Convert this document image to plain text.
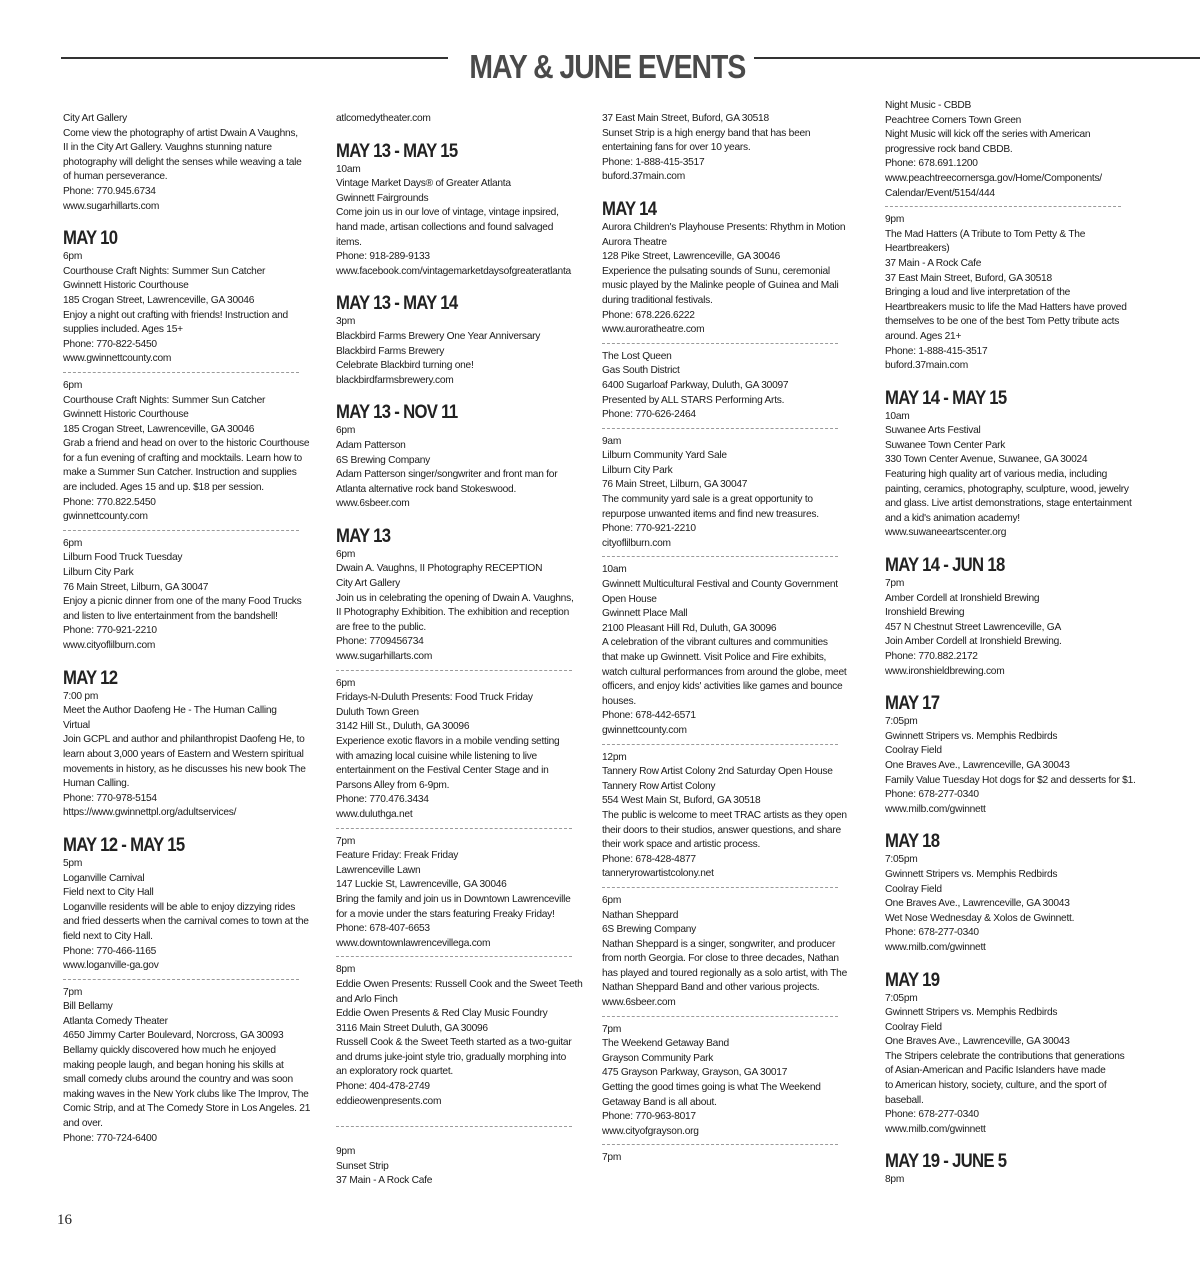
MAY & JUNE EVENTS
City Art Gallery
Come view the photography of artist Dwain A Vaughns,
II in the City Art Gallery. Vaughns stunning nature
photography will delight the senses while weaving a tale
of human perseverance.
Phone: 770.945.6734
www.sugarhillarts.com
MAY 10
6pm
Courthouse Craft Nights: Summer Sun Catcher
Gwinnett Historic Courthouse
185 Crogan Street, Lawrenceville, GA 30046
Enjoy a night out crafting with friends! Instruction and
supplies included. Ages 15+
Phone: 770-822-5450
www.gwinnettcounty.com
6pm
Courthouse Craft Nights: Summer Sun Catcher
Gwinnett Historic Courthouse
185 Crogan Street, Lawrenceville, GA 30046
Grab a friend and head on over to the historic Courthouse
for a fun evening of crafting and mocktails. Learn how to
make a Summer Sun Catcher. Instruction and supplies
are included. Ages 15 and up. $18 per session.
Phone: 770.822.5450
gwinnettcounty.com
6pm
Lilburn Food Truck Tuesday
Lilburn City Park
76 Main Street, Lilburn, GA 30047
Enjoy a picnic dinner from one of the many Food Trucks
and listen to live entertainment from the bandshell!
Phone: 770-921-2210
www.cityoflilburn.com
MAY 12
7:00 pm
Meet the Author Daofeng He - The Human Calling
Virtual
Join GCPL and author and philanthropist Daofeng He, to
learn about 3,000 years of Eastern and Western spiritual
movements in history, as he discusses his new book The
Human Calling.
Phone: 770-978-5154
https://www.gwinnettpl.org/adultservices/
MAY 12 - MAY 15
5pm
Loganville Carnival
Field next to City Hall
Loganville residents will be able to enjoy dizzying rides
and fried desserts when the carnival comes to town at the
field next to City Hall.
Phone: 770-466-1165
www.loganville-ga.gov
7pm
Bill Bellamy
Atlanta Comedy Theater
4650 Jimmy Carter Boulevard, Norcross, GA 30093
Bellamy quickly discovered how much he enjoyed
making people laugh, and began honing his skills at
small comedy clubs around the country and was soon
making waves in the New York clubs like The Improv, The
Comic Strip, and at The Comedy Store in Los Angeles. 21
and over.
Phone: 770-724-6400
atlcomedytheater.com
MAY 13 - MAY 15
10am
Vintage Market Days® of Greater Atlanta
Gwinnett Fairgrounds
Come join us in our love of vintage, vintage inpsired,
hand made, artisan collections and found salvaged
items.
Phone: 918-289-9133
www.facebook.com/vintagemarketdaysofgreateratlanta
MAY 13 - MAY 14
3pm
Blackbird Farms Brewery One Year Anniversary
Blackbird Farms Brewery
Celebrate Blackbird turning one!
blackbirdfarmsbrewery.com
MAY 13 - NOV 11
6pm
Adam Patterson
6S Brewing Company
Adam Patterson singer/songwriter and front man for
Atlanta alternative rock band Stokeswood.
www.6sbeer.com
MAY 13
6pm
Dwain A. Vaughns, II Photography RECEPTION
City Art Gallery
Join us in celebrating the opening of Dwain A. Vaughns,
II Photography Exhibition. The exhibition and reception
are free to the public.
Phone: 7709456734
www.sugarhillarts.com
6pm
Fridays-N-Duluth Presents: Food Truck Friday
Duluth Town Green
3142 Hill St., Duluth, GA 30096
Experience exotic flavors in a mobile vending setting
with amazing local cuisine while listening to live
entertainment on the Festival Center Stage and in
Parsons Alley from 6-9pm.
Phone: 770.476.3434
www.duluthga.net
7pm
Feature Friday: Freak Friday
Lawrenceville Lawn
147 Luckie St, Lawrenceville, GA 30046
Bring the family and join us in Downtown Lawrenceville
for a movie under the stars featuring Freaky Friday!
Phone: 678-407-6653
www.downtownlawrencevillega.com
8pm
Eddie Owen Presents: Russell Cook and the Sweet Teeth
and Arlo Finch
Eddie Owen Presents & Red Clay Music Foundry
3116 Main Street Duluth, GA 30096
Russell Cook & the Sweet Teeth started as a two-guitar
and drums juke-joint style trio, gradually morphing into
an exploratory rock quartet.
Phone: 404-478-2749
eddieowenpresents.com
9pm
Sunset Strip
37 Main - A Rock Cafe
37 East Main Street, Buford, GA 30518
Sunset Strip is a high energy band that has been
entertaining fans for over 10 years.
Phone: 1-888-415-3517
buford.37main.com
MAY 14
Aurora Children's Playhouse Presents: Rhythm in Motion
Aurora Theatre
128 Pike Street, Lawrenceville, GA 30046
Experience the pulsating sounds of Sunu, ceremonial
music played by the Malinke people of Guinea and Mali
during traditional festivals.
Phone: 678.226.6222
www.auroratheatre.com
The Lost Queen
Gas South District
6400 Sugarloaf Parkway, Duluth, GA 30097
Presented by ALL STARS Performing Arts.
Phone: 770-626-2464
9am
Lilburn Community Yard Sale
Lilburn City Park
76 Main Street, Lilburn, GA 30047
The community yard sale is a great opportunity to
repurpose unwanted items and find new treasures.
Phone: 770-921-2210
cityoflilburn.com
10am
Gwinnett Multicultural Festival and County Government
Open House
Gwinnett Place Mall
2100 Pleasant Hill Rd, Duluth, GA 30096
A celebration of the vibrant cultures and communities
that make up Gwinnett. Visit Police and Fire exhibits,
watch cultural performances from around the globe, meet
officers, and enjoy kids' activities like games and bounce
houses.
Phone: 678-442-6571
gwinnettcounty.com
12pm
Tannery Row Artist Colony 2nd Saturday Open House
Tannery Row Artist Colony
554 West Main St, Buford, GA 30518
The public is welcome to meet TRAC artists as they open
their doors to their studios, answer questions, and share
their work space and artistic process.
Phone: 678-428-4877
tanneryrowartistcolony.net
6pm
Nathan Sheppard
6S Brewing Company
Nathan Sheppard is a singer, songwriter, and producer
from north Georgia. For close to three decades, Nathan
has played and toured regionally as a solo artist, with The
Nathan Sheppard Band and other various projects.
www.6sbeer.com
7pm
The Weekend Getaway Band
Grayson Community Park
475 Grayson Parkway, Grayson, GA 30017
Getting the good times going is what The Weekend
Getaway Band is all about.
Phone: 770-963-8017
www.cityofgrayson.org
7pm
Night Music - CBDB
Peachtree Corners Town Green
Night Music will kick off the series with American
progressive rock band CBDB.
Phone: 678.691.1200
www.peachtreecornersga.gov/Home/Components/
Calendar/Event/5154/444
9pm
The Mad Hatters (A Tribute to Tom Petty & The
Heartbreakers)
37 Main - A Rock Cafe
37 East Main Street, Buford, GA 30518
Bringing a loud and live interpretation of the
Heartbreakers music to life the Mad Hatters have proved
themselves to be one of the best Tom Petty tribute acts
around. Ages 21+
Phone: 1-888-415-3517
buford.37main.com
MAY 14 - MAY 15
10am
Suwanee Arts Festival
Suwanee Town Center Park
330 Town Center Avenue, Suwanee, GA 30024
Featuring high quality art of various media, including
painting, ceramics, photography, sculpture, wood, jewelry
and glass. Live artist demonstrations, stage entertainment
and a kid's animation academy!
www.suwaneeartscenter.org
MAY 14 - JUN 18
7pm
Amber Cordell at Ironshield Brewing
Ironshield Brewing
457 N Chestnut Street Lawrenceville, GA
Join Amber Cordell at Ironshield Brewing.
Phone: 770.882.2172
www.ironshieldbrewing.com
MAY 17
7:05pm
Gwinnett Stripers vs. Memphis Redbirds
Coolray Field
One Braves Ave., Lawrenceville, GA 30043
Family Value Tuesday Hot dogs for $2 and desserts for $1.
Phone: 678-277-0340
www.milb.com/gwinnett
MAY 18
7:05pm
Gwinnett Stripers vs. Memphis Redbirds
Coolray Field
One Braves Ave., Lawrenceville, GA 30043
Wet Nose Wednesday & Xolos de Gwinnett.
Phone: 678-277-0340
www.milb.com/gwinnett
MAY 19
7:05pm
Gwinnett Stripers vs. Memphis Redbirds
Coolray Field
One Braves Ave., Lawrenceville, GA 30043
The Stripers celebrate the contributions that generations
of Asian-American and Pacific Islanders have made
to American history, society, culture, and the sport of
baseball.
Phone: 678-277-0340
www.milb.com/gwinnett
MAY 19 - JUNE 5
8pm
16
